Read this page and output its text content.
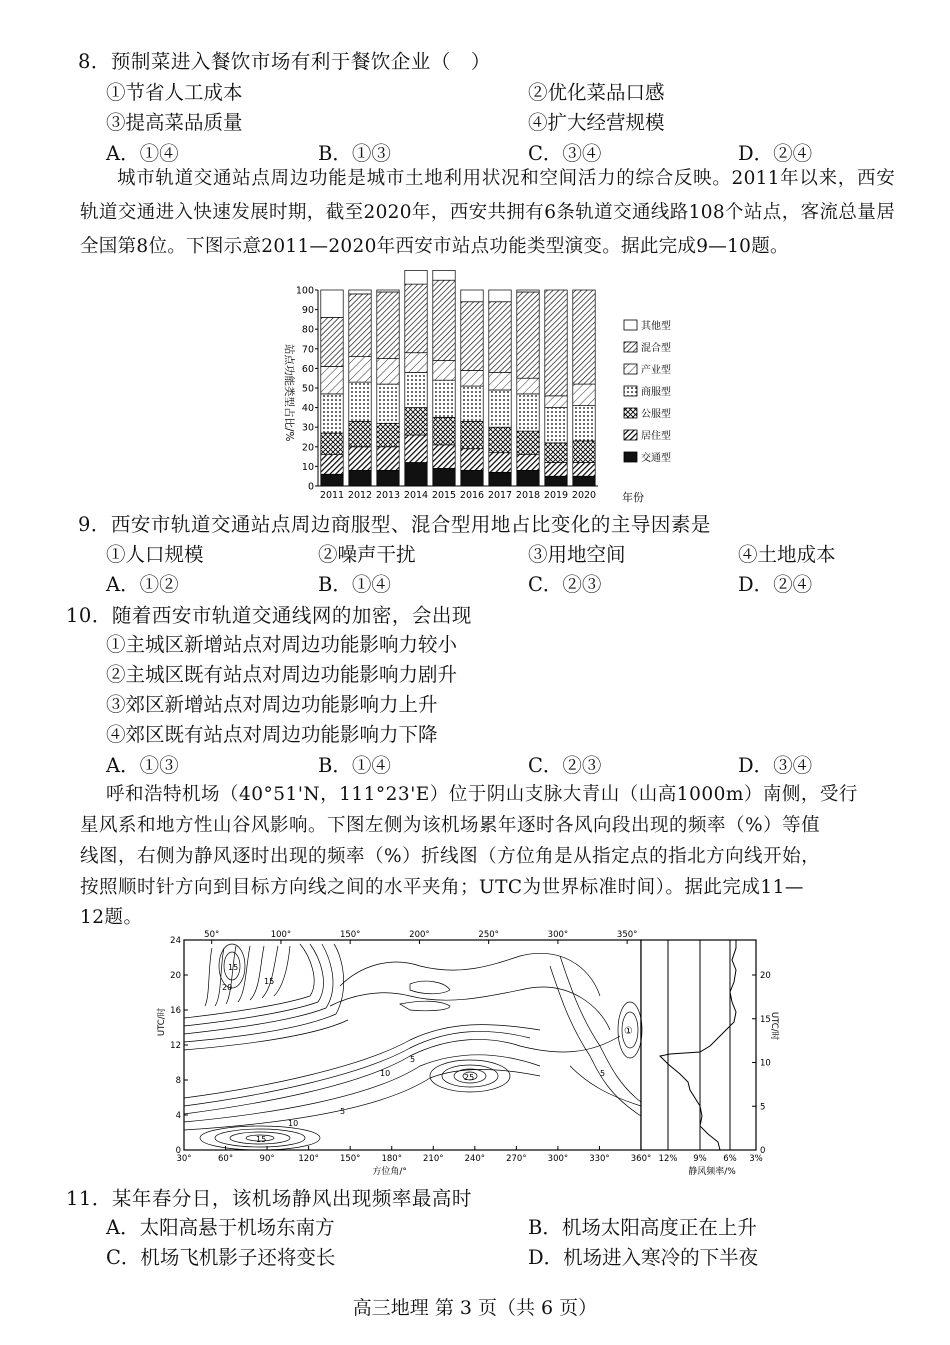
8．预制菜进入餐饮市场有利于餐饮企业（　）
①节省人工成本	②优化菜品口感
③提高菜品质量	④扩大经营规模
A．①④	B．①③	C．③④	D．②④
城市轨道交通站点周边功能是城市土地利用状况和空间活力的综合反映。2011年以来，西安轨道交通进入快速发展时期，截至2020年，西安共拥有6条轨道交通线路108个站点，客流总量居全国第8位。下图示意2011—2020年西安市站点功能类型演变。据此完成9—10题。
0
10
20
30
40
50
60
70
80
90
100
2011 2012 2013 2014 2015 2016 2017 2018 2019 2020
其他型
混合型
产业型
商服型
公服型
居住型
交通型
站点功能类型占比/%
年份
9．西安市轨道交通站点周边商服型、混合型用地占比变化的主导因素是
①人口规模	②噪声干扰	③用地空间	④土地成本
A．①②	B．①④	C．②③	D．②④
10．随着西安市轨道交通线网的加密，会出现
①主城区新增站点对周边功能影响力较小
②主城区既有站点对周边功能影响力剧升
③郊区新增站点对周边功能影响力上升
④郊区既有站点对周边功能影响力下降
A．①③	B．①④	C．②③	D．③④
呼和浩特机场（40°51'N，111°23'E）位于阴山支脉大青山（山高1000m）南侧，受行
星风系和地方性山谷风影响。下图左侧为该机场累年逐时各风向段出现的频率（%）等值
线图，右侧为静风逐时出现的频率（%）折线图（方位角是从指定点的指北方向线开始，
按照顺时针方向到目标方向线之间的水平夹角；UTC为世界标准时间）。据此完成11—
12题。
15
20
25
10
5
15
10
5
15
①
5
30°	60°	90°	120° 150° 180° 210° 240° 270° 300° 330° 360°
方位角/°
50°	100°	150°	200°	250°	300°	350°
0
4
8
12
16
20
24
UTC/时
12% 9% 6% 3%
静风频率/%
0
5
10
15
20
UTC/时
11．某年春分日，该机场静风出现频率最高时
A．太阳高悬于机场东南方	B．机场太阳高度正在上升
C．机场飞机影子还将变长	D．机场进入寒冷的下半夜
高三地理 第 3 页（共 6 页）
